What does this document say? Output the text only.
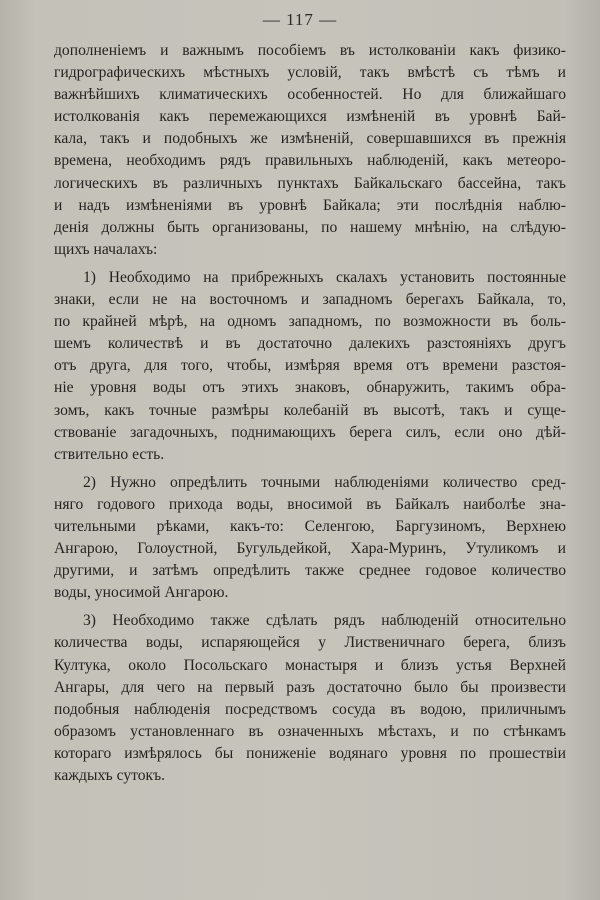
— 117 —
дополненіемъ и важнымъ пособіемъ въ истолкованіи какъ физико-
гидрографическихъ мѣстныхъ условій, такъ вмѣстѣ съ тѣмъ и
важнѣйшихъ климатическихъ особенностей. Но для ближайшаго
истолкованія какъ перемежающихся измѣненій въ уровнѣ Бай-
кала, такъ и подобныхъ же измѣненій, совершавшихся въ прежнія
времена, необходимъ рядъ правильныхъ наблюденій, какъ метеоро-
логическихъ въ различныхъ пунктахъ Байкальскаго бассейна, такъ
и надъ измѣненіями въ уровнѣ Байкала; эти послѣднія наблю-
денія должны быть организованы, по нашему мнѣнію, на слѣдую-
щихъ началахъ:
1) Необходимо на прибрежныхъ скалахъ установить постоянные
знаки, если не на восточномъ и западномъ берегахъ Байкала, то,
по крайней мѣрѣ, на одномъ западномъ, по возможности въ боль-
шемъ количествѣ и въ достаточно далекихъ разстояніяхъ другъ
отъ друга, для того, чтобы, измѣряя время отъ времени разстоя-
ніе уровня воды отъ этихъ знаковъ, обнаружить, такимъ обра-
зомъ, какъ точные размѣры колебаній въ высотѣ, такъ и суще-
ствованіе загадочныхъ, поднимающихъ берега силъ, если оно дѣй-
ствительно есть.
2) Нужно опредѣлить точными наблюденіями количество сред-
няго годового прихода воды, вносимой въ Байкалъ наиболѣе зна-
чительными рѣками, какъ-то: Селенгою, Баргузиномъ, Верхнею
Ангарою, Голоустной, Бугульдейкой, Хара-Муринъ, Утуликомъ и
другими, и затѣмъ опредѣлить также среднее годовое количество
воды, уносимой Ангарою.
3) Необходимо также сдѣлать рядъ наблюденій относительно
количества воды, испаряющейся у Лиственичнаго берега, близъ
Култука, около Посольскаго монастыря и близъ устья Верхней
Ангары, для чего на первый разъ достаточно было бы произвести
подобныя наблюденія посредствомъ сосуда въ водою, приличнымъ
образомъ установленнаго въ означенныхъ мѣстахъ, и по стѣнкамъ
котораго измѣрялось бы пониженіе водянаго уровня по прошествіи
каждыхъ сутокъ.
